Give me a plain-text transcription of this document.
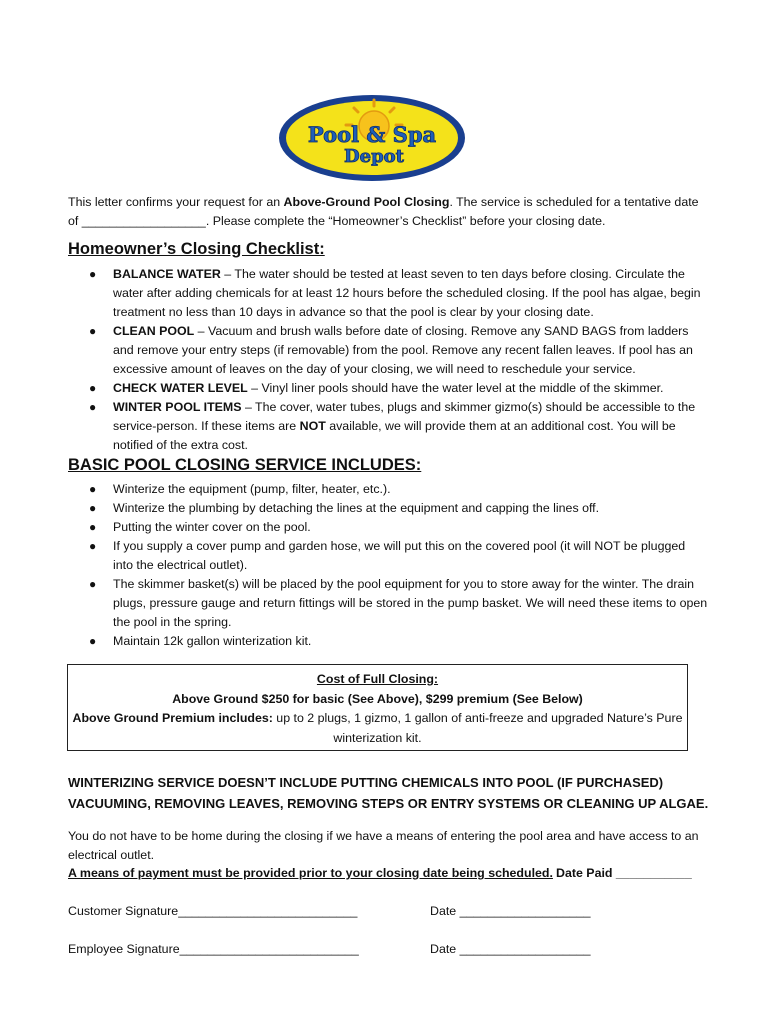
Pool & Spa
Depot
This letter confirms your request for an Above-Ground Pool Closing. The service is scheduled for a tentative date of __________________. Please complete the “Homeowner’s Checklist” before your closing date.
Homeowner’s Closing Checklist:
● BALANCE WATER – The water should be tested at least seven to ten days before closing. Circulate the water after adding chemicals for at least 12 hours before the scheduled closing. If the pool has algae, begin treatment no less than 10 days in advance so that the pool is clear by your closing date.
● CLEAN POOL – Vacuum and brush walls before date of closing. Remove any SAND BAGS from ladders and remove your entry steps (if removable) from the pool. Remove any recent fallen leaves. If pool has an excessive amount of leaves on the day of your closing, we will need to reschedule your service.
● CHECK WATER LEVEL – Vinyl liner pools should have the water level at the middle of the skimmer.
● WINTER POOL ITEMS – The cover, water tubes, plugs and skimmer gizmo(s) should be accessible to the service-person. If these items are NOT available, we will provide them at an additional cost. You will be notified of the extra cost.
BASIC POOL CLOSING SERVICE INCLUDES:
● Winterize the equipment (pump, filter, heater, etc.).
● Winterize the plumbing by detaching the lines at the equipment and capping the lines off.
● Putting the winter cover on the pool.
● If you supply a cover pump and garden hose, we will put this on the covered pool (it will NOT be plugged into the electrical outlet).
● The skimmer basket(s) will be placed by the pool equipment for you to store away for the winter. The drain plugs, pressure gauge and return fittings will be stored in the pump basket. We will need these items to open the pool in the spring.
● Maintain 12k gallon winterization kit.
Cost of Full Closing:
Above Ground $250 for basic (See Above), $299 premium (See Below)
Above Ground Premium includes: up to 2 plugs, 1 gizmo, 1 gallon of anti-freeze and upgraded Nature’s Pure winterization kit.
WINTERIZING SERVICE DOESN’T INCLUDE PUTTING CHEMICALS INTO POOL (IF PURCHASED) VACUUMING, REMOVING LEAVES, REMOVING STEPS OR ENTRY SYSTEMS OR CLEANING UP ALGAE.
You do not have to be home during the closing if we have a means of entering the pool area and have access to an electrical outlet.
A means of payment must be provided prior to your closing date being scheduled. Date Paid ___________
Customer Signature__________________________	Date ___________________
Employee Signature__________________________	Date ___________________
